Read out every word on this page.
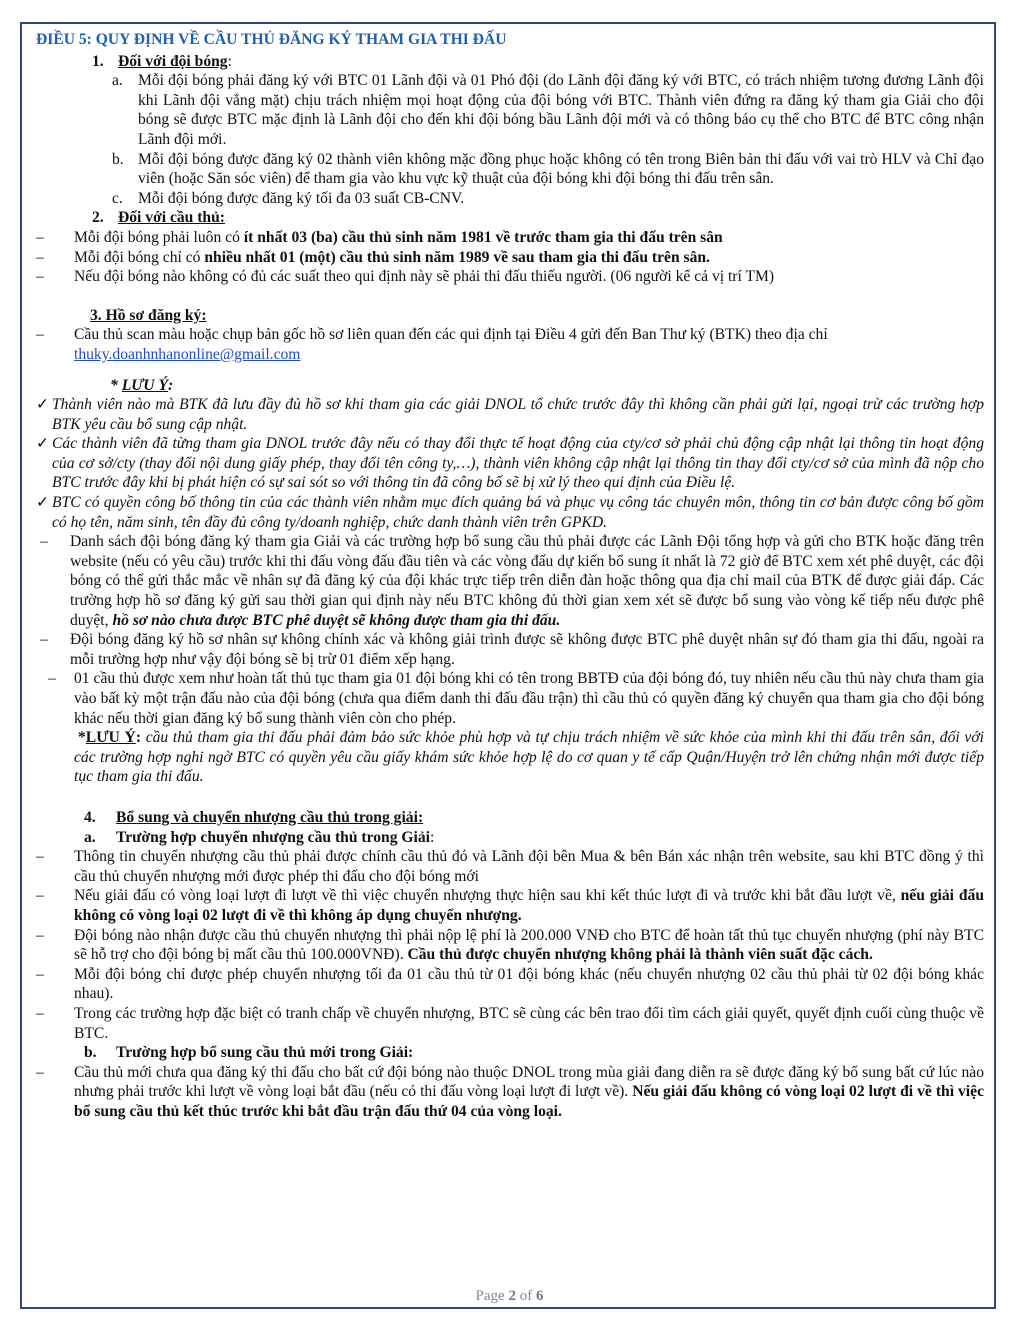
ĐIỀU 5: QUY ĐỊNH VỀ CẦU THỦ ĐĂNG KÝ THAM GIA THI ĐẤU
1. Đối với đội bóng:
a. Mỗi đội bóng phải đăng ký với BTC 01 Lãnh đội và 01 Phó đội (do Lãnh đội đăng ký với BTC, có trách nhiệm tương đương Lãnh đội khi Lãnh đội vắng mặt) chịu trách nhiệm mọi hoạt động của đội bóng với BTC. Thành viên đứng ra đăng ký tham gia Giải cho đội bóng sẽ được BTC mặc định là Lãnh đội cho đến khi đội bóng bầu Lãnh đội mới và có thông báo cụ thể cho BTC để BTC công nhận Lãnh đội mới.
b. Mỗi đội bóng được đăng ký 02 thành viên không mặc đồng phục hoặc không có tên trong Biên bản thi đấu với vai trò HLV và Chỉ đạo viên (hoặc Săn sóc viên) để tham gia vào khu vực kỹ thuật của đội bóng khi đội bóng thi đấu trên sân.
c. Mỗi đội bóng được đăng ký tối đa 03 suất CB-CNV.
2. Đối với cầu thủ:
–	Mỗi đội bóng phải luôn có ít nhất 03 (ba) cầu thủ sinh năm 1981 về trước tham gia thi đấu trên sân
–	Mỗi đội bóng chỉ có nhiều nhất 01 (một) cầu thủ sinh năm 1989 về sau tham gia thi đấu trên sân.
–	Nếu đội bóng nào không có đủ các suất theo qui định này sẽ phải thi đấu thiếu người. (06 người kể cả vị trí TM)
3. Hồ sơ đăng ký:
–	Cầu thủ scan màu hoặc chụp bản gốc hồ sơ liên quan đến các qui định tại Điều 4 gửi đến Ban Thư ký (BTK) theo địa chỉ
thuky.doanhnhanonline@gmail.com
* LƯU Ý:
✓ Thành viên nào mà BTK đã lưu đầy đủ hồ sơ khi tham gia các giải DNOL tổ chức trước đây thì không cần phải gửi lại, ngoại trừ các trường hợp BTK yêu cầu bổ sung cập nhật.
✓ Các thành viên đã từng tham gia DNOL trước đây nếu có thay đổi thực tế hoạt động của cty/cơ sở phải chủ động cập nhật lại thông tin hoạt động của cơ sở/cty (thay đổi nội dung giấy phép, thay đổi tên công ty,…), thành viên không cập nhật lại thông tin thay đổi cty/cơ sở của mình đã nộp cho BTC trước đây khi bị phát hiện có sự sai sót so với thông tin đã công bố sẽ bị xử lý theo qui định của Điều lệ.
✓ BTC có quyền công bố thông tin của các thành viên nhằm mục đích quảng bá và phục vụ công tác chuyên môn, thông tin cơ bản được công bố gồm có họ tên, năm sinh, tên đầy đủ công ty/doanh nghiệp, chức danh thành viên trên GPKD.
–	Danh sách đội bóng đăng ký tham gia Giải và các trường hợp bổ sung cầu thủ phải được các Lãnh Đội tổng hợp và gửi cho BTK hoặc đăng trên website (nếu có yêu cầu) trước khi thi đấu vòng đấu đầu tiên và các vòng đấu dự kiến bổ sung ít nhất là 72 giờ để BTC xem xét phê duyệt, các đội bóng có thể gửi thắc mắc về nhân sự đã đăng ký của đội khác trực tiếp trên diễn đàn hoặc thông qua địa chỉ mail của BTK để được giải đáp. Các trường hợp hồ sơ đăng ký gửi sau thời gian qui định này nếu BTC không đủ thời gian xem xét sẽ được bổ sung vào vòng kế tiếp nếu được phê duyệt, hồ sơ nào chưa được BTC phê duyệt sẽ không được tham gia thi đấu.
–	Đội bóng đăng ký hồ sơ nhân sự không chính xác và không giải trình được sẽ không được BTC phê duyệt nhân sự đó tham gia thi đấu, ngoài ra mỗi trường hợp như vậy đội bóng sẽ bị trừ 01 điểm xếp hạng.
–	01 cầu thủ được xem như hoàn tất thủ tục tham gia 01 đội bóng khi có tên trong BBTĐ của đội bóng đó, tuy nhiên nếu cầu thủ này chưa tham gia vào bất kỳ một trận đấu nào của đội bóng (chưa qua điểm danh thi đấu đầu trận) thì cầu thủ có quyền đăng ký chuyển qua tham gia cho đội bóng khác nếu thời gian đăng ký bổ sung thành viên còn cho phép.
*LƯU Ý: cầu thủ tham gia thi đấu phải đảm bảo sức khỏe phù hợp và tự chịu trách nhiệm về sức khỏe của mình khi thi đấu trên sân, đối với các trường hợp nghi ngờ BTC có quyền yêu cầu giấy khám sức khỏe hợp lệ do cơ quan y tế cấp Quận/Huyện trở lên chứng nhận mới được tiếp tục tham gia thi đấu.
4.	Bổ sung và chuyển nhượng cầu thủ trong giải:
a.	Trường hợp chuyển nhượng cầu thủ trong Giải:
–	Thông tin chuyển nhượng cầu thủ phải được chính cầu thủ đó và Lãnh đội bên Mua & bên Bán xác nhận trên website, sau khi BTC đồng ý thì cầu thủ chuyển nhượng mới được phép thi đấu cho đội bóng mới
–	Nếu giải đấu có vòng loại lượt đi lượt về thì việc chuyển nhượng thực hiện sau khi kết thúc lượt đi và trước khi bắt đầu lượt về, nếu giải đấu không có vòng loại 02 lượt đi về thì không áp dụng chuyển nhượng.
–	Đội bóng nào nhận được cầu thủ chuyển nhượng thì phải nộp lệ phí là 200.000 VNĐ cho BTC để hoàn tất thủ tục chuyển nhượng (phí này BTC sẽ hỗ trợ cho đội bóng bị mất cầu thủ 100.000VNĐ). Cầu thủ được chuyển nhượng không phải là thành viên suất đặc cách.
–	Mỗi đội bóng chỉ được phép chuyển nhượng tối đa 01 cầu thủ từ 01 đội bóng khác (nếu chuyển nhượng 02 cầu thủ phải từ 02 đội bóng khác nhau).
–	Trong các trường hợp đặc biệt có tranh chấp về chuyển nhượng, BTC sẽ cùng các bên trao đổi tìm cách giải quyết, quyết định cuối cùng thuộc về BTC.
b.	Trường hợp bổ sung cầu thủ mới trong Giải:
–	Cầu thủ mới chưa qua đăng ký thi đấu cho bất cứ đội bóng nào thuộc DNOL trong mùa giải đang diễn ra sẽ được đăng ký bổ sung bất cứ lúc nào nhưng phải trước khi lượt về vòng loại bắt đầu (nếu có thi đấu vòng loại lượt đi lượt về). Nếu giải đấu không có vòng loại 02 lượt đi về thì việc bổ sung cầu thủ kết thúc trước khi bắt đầu trận đấu thứ 04 của vòng loại.
Page 2 of 6
